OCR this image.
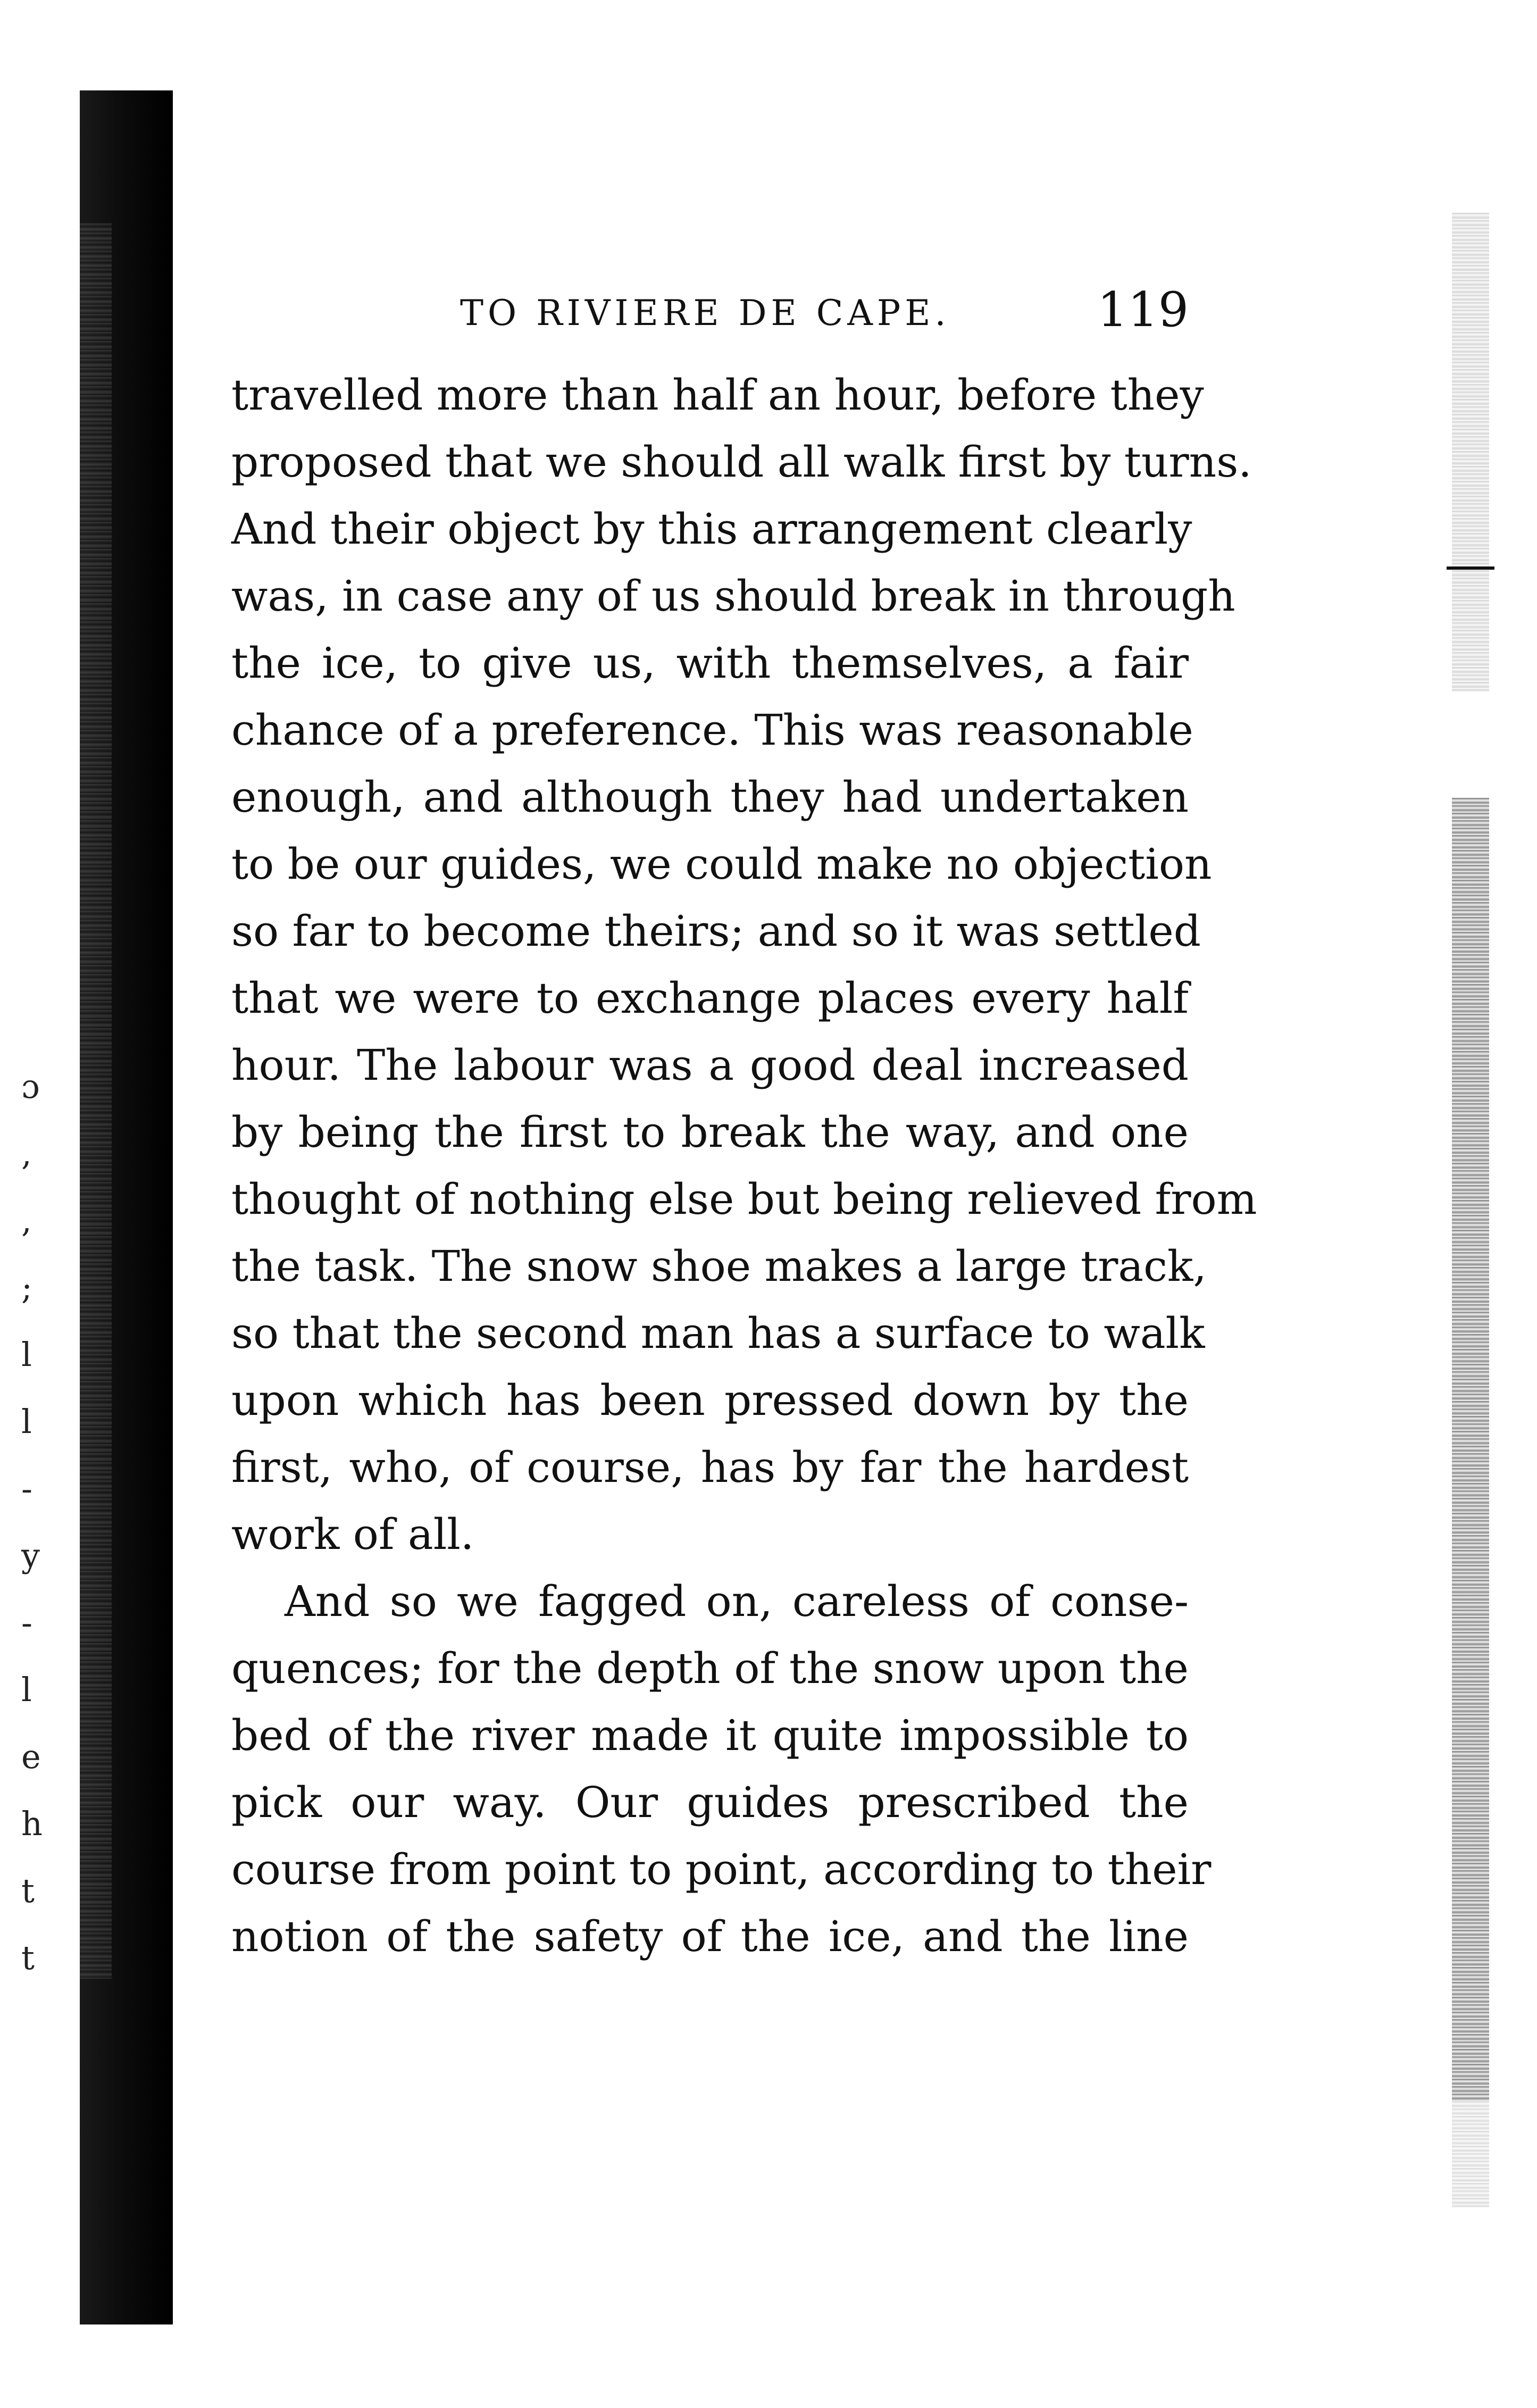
ɔ
,
,
;
l
l
-
y
-
l
e
h
t
t
TO RIVIERE DE CAPE.	119
travelled more than half an hour, before they
proposed that we should all walk first by turns.
And their object by this arrangement clearly
was, in case any of us should break in through
the ice, to give us, with themselves, a fair
chance of a preference. This was reasonable
enough, and although they had undertaken
to be our guides, we could make no objection
so far to become theirs; and so it was settled
that we were to exchange places every half
hour. The labour was a good deal increased
by being the first to break the way, and one
thought of nothing else but being relieved from
the task. The snow shoe makes a large track,
so that the second man has a surface to walk
upon which has been pressed down by the
first, who, of course, has by far the hardest
work of all.
And so we fagged on, careless of conse-
quences; for the depth of the snow upon the
bed of the river made it quite impossible to
pick our way. Our guides prescribed the
course from point to point, according to their
notion of the safety of the ice, and the line
